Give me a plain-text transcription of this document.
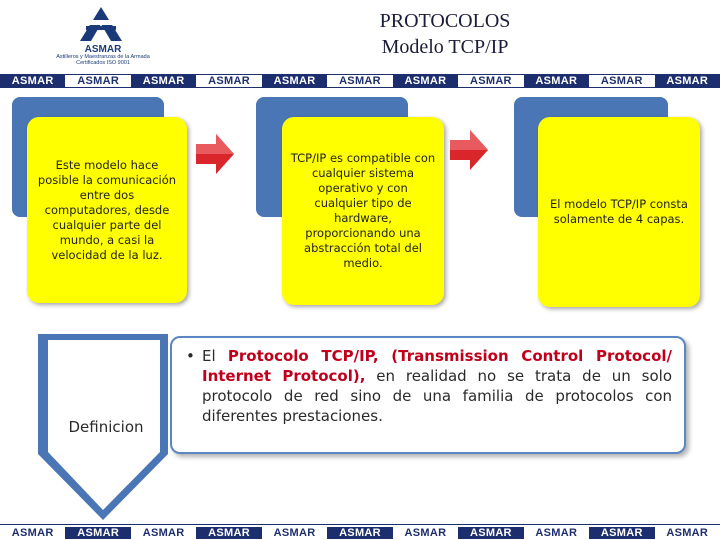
ASMAR
Astilleros y Maestranzas de la Armada
Certificados ISO 9001
PROTOCOLOS
Modelo TCP/IP
ASMAR	ASMAR	ASMAR	ASMAR	ASMAR	ASMAR	ASMAR	ASMAR	ASMAR	ASMAR	ASMAR
Este modelo hace posible la comunicación entre dos computadores, desde cualquier parte del mundo, a casi la velocidad de la luz.
TCP/IP es compatible con cualquier sistema operativo y con cualquier tipo de hardware, proporcionando una abstracción total del medio.
El modelo TCP/IP consta solamente de 4 capas.
Definicion
• El Protocolo TCP/IP, (Transmission Control Protocol/ Internet Protocol), en realidad no se trata de un solo protocolo de red sino de una familia de protocolos con diferentes prestaciones.
ASMAR	ASMAR	ASMAR	ASMAR	ASMAR	ASMAR	ASMAR	ASMAR	ASMAR	ASMAR	ASMAR
